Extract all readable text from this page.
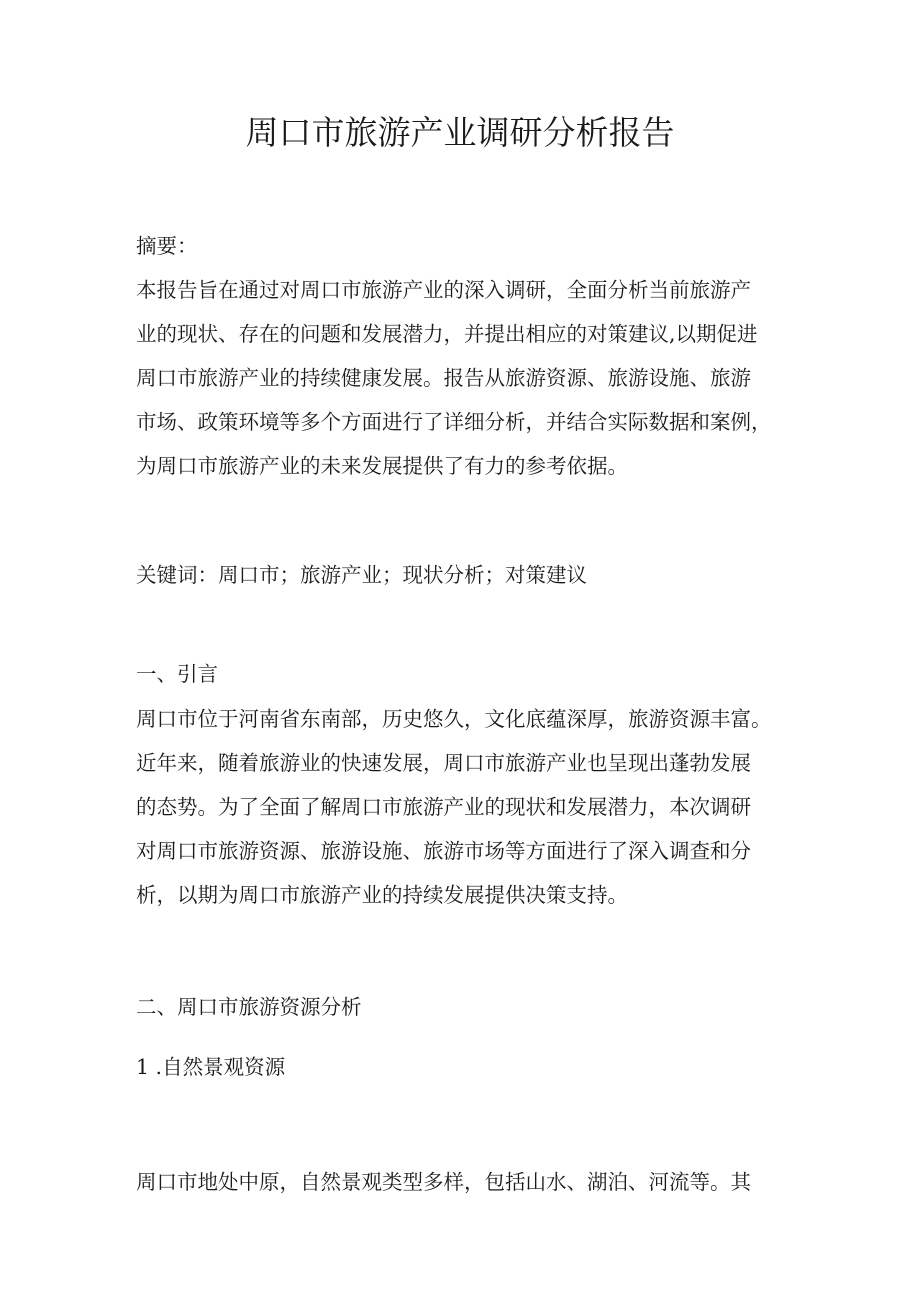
周口市旅游产业调研分析报告

摘要：

本报告旨在通过对周口市旅游产业的深入调研，全面分析当前旅游产
业的现状、存在的问题和发展潜力，并提出相应的对策建议,以期促进
周口市旅游产业的持续健康发展。报告从旅游资源、旅游设施、旅游
市场、政策环境等多个方面进行了详细分析，并结合实际数据和案例，
为周口市旅游产业的未来发展提供了有力的参考依据。

关键词：周口市；旅游产业；现状分析；对策建议

一、引言

周口市位于河南省东南部，历史悠久，文化底蕴深厚，旅游资源丰富。
近年来，随着旅游业的快速发展，周口市旅游产业也呈现出蓬勃发展
的态势。为了全面了解周口市旅游产业的现状和发展潜力，本次调研
对周口市旅游资源、旅游设施、旅游市场等方面进行了深入调查和分
析，以期为周口市旅游产业的持续发展提供决策支持。

二、周口市旅游资源分析

1 .自然景观资源

周口市地处中原，自然景观类型多样，包括山水、湖泊、河流等。其
